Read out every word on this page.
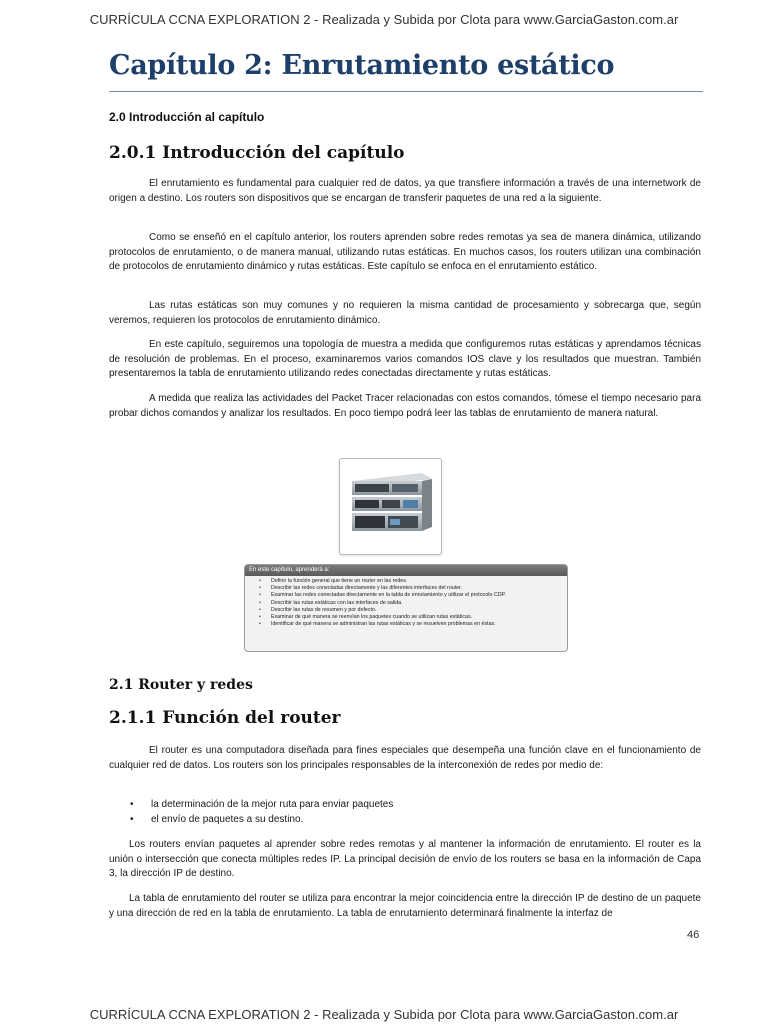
CURRÍCULA CCNA EXPLORATION 2 - Realizada y Subida por Clota para www.GarciaGaston.com.ar
Capítulo 2: Enrutamiento estático
2.0 Introducción al capítulo
2.0.1 Introducción del capítulo

El enrutamiento es fundamental para cualquier red de datos, ya que transfiere información a través de una internetwork de origen a destino. Los routers son dispositivos que se encargan de transferir paquetes de una red a la siguiente.

Como se enseñó en el capítulo anterior, los routers aprenden sobre redes remotas ya sea de manera dinámica, utilizando protocolos de enrutamiento, o de manera manual, utilizando rutas estáticas. En muchos casos, los routers utilizan una combinación de protocolos de enrutamiento dinámico y rutas estáticas. Este capítulo se enfoca en el enrutamiento estático.

Las rutas estáticas son muy comunes y no requieren la misma cantidad de procesamiento y sobrecarga que, según veremos, requieren los protocolos de enrutamiento dinámico.

En este capítulo, seguiremos una topología de muestra a medida que configuremos rutas estáticas y aprendamos técnicas de resolución de problemas. En el proceso, examinaremos varios comandos IOS clave y los resultados que muestran. También presentaremos la tabla de enrutamiento utilizando redes conectadas directamente y rutas estáticas.

A medida que realiza las actividades del Packet Tracer relacionadas con estos comandos, tómese el tiempo necesario para probar dichos comandos y analizar los resultados. En poco tiempo podrá leer las tablas de enrutamiento de manera natural.

En este capítulo, aprenderá a:
• Definir la función general que tiene un router en las redes.
• Describir las redes conectadas directamente y las diferentes interfaces del router.
• Examinar las redes conectadas directamente en la tabla de enrutamiento y utilizar el protocolo CDP.
• Describir las rutas estáticas con las interfaces de salida.
• Describir las rutas de resumen y por defecto.
• Examinar de qué manera se reenvían los paquetes cuando se utilizan rutas estáticas.
• Identificar de qué manera se administran las rutas estáticas y se resuelven problemas en éstas.
2.1 Router y redes
2.1.1 Función del router

El router es una computadora diseñada para fines especiales que desempeña una función clave en el funcionamiento de cualquier red de datos. Los routers son los principales responsables de la interconexión de redes por medio de:

• la determinación de la mejor ruta para enviar paquetes
• el envío de paquetes a su destino.

Los routers envían paquetes al aprender sobre redes remotas y al mantener la información de enrutamiento. El router es la unión o intersección que conecta múltiples redes IP. La principal decisión de envío de los routers se basa en la información de Capa 3, la dirección IP de destino.

La tabla de enrutamiento del router se utiliza para encontrar la mejor coincidencia entre la dirección IP de destino de un paquete y una dirección de red en la tabla de enrutamiento. La tabla de enrutamiento determinará finalmente la interfaz de

46
CURRÍCULA CCNA EXPLORATION 2 - Realizada y Subida por Clota para www.GarciaGaston.com.ar
